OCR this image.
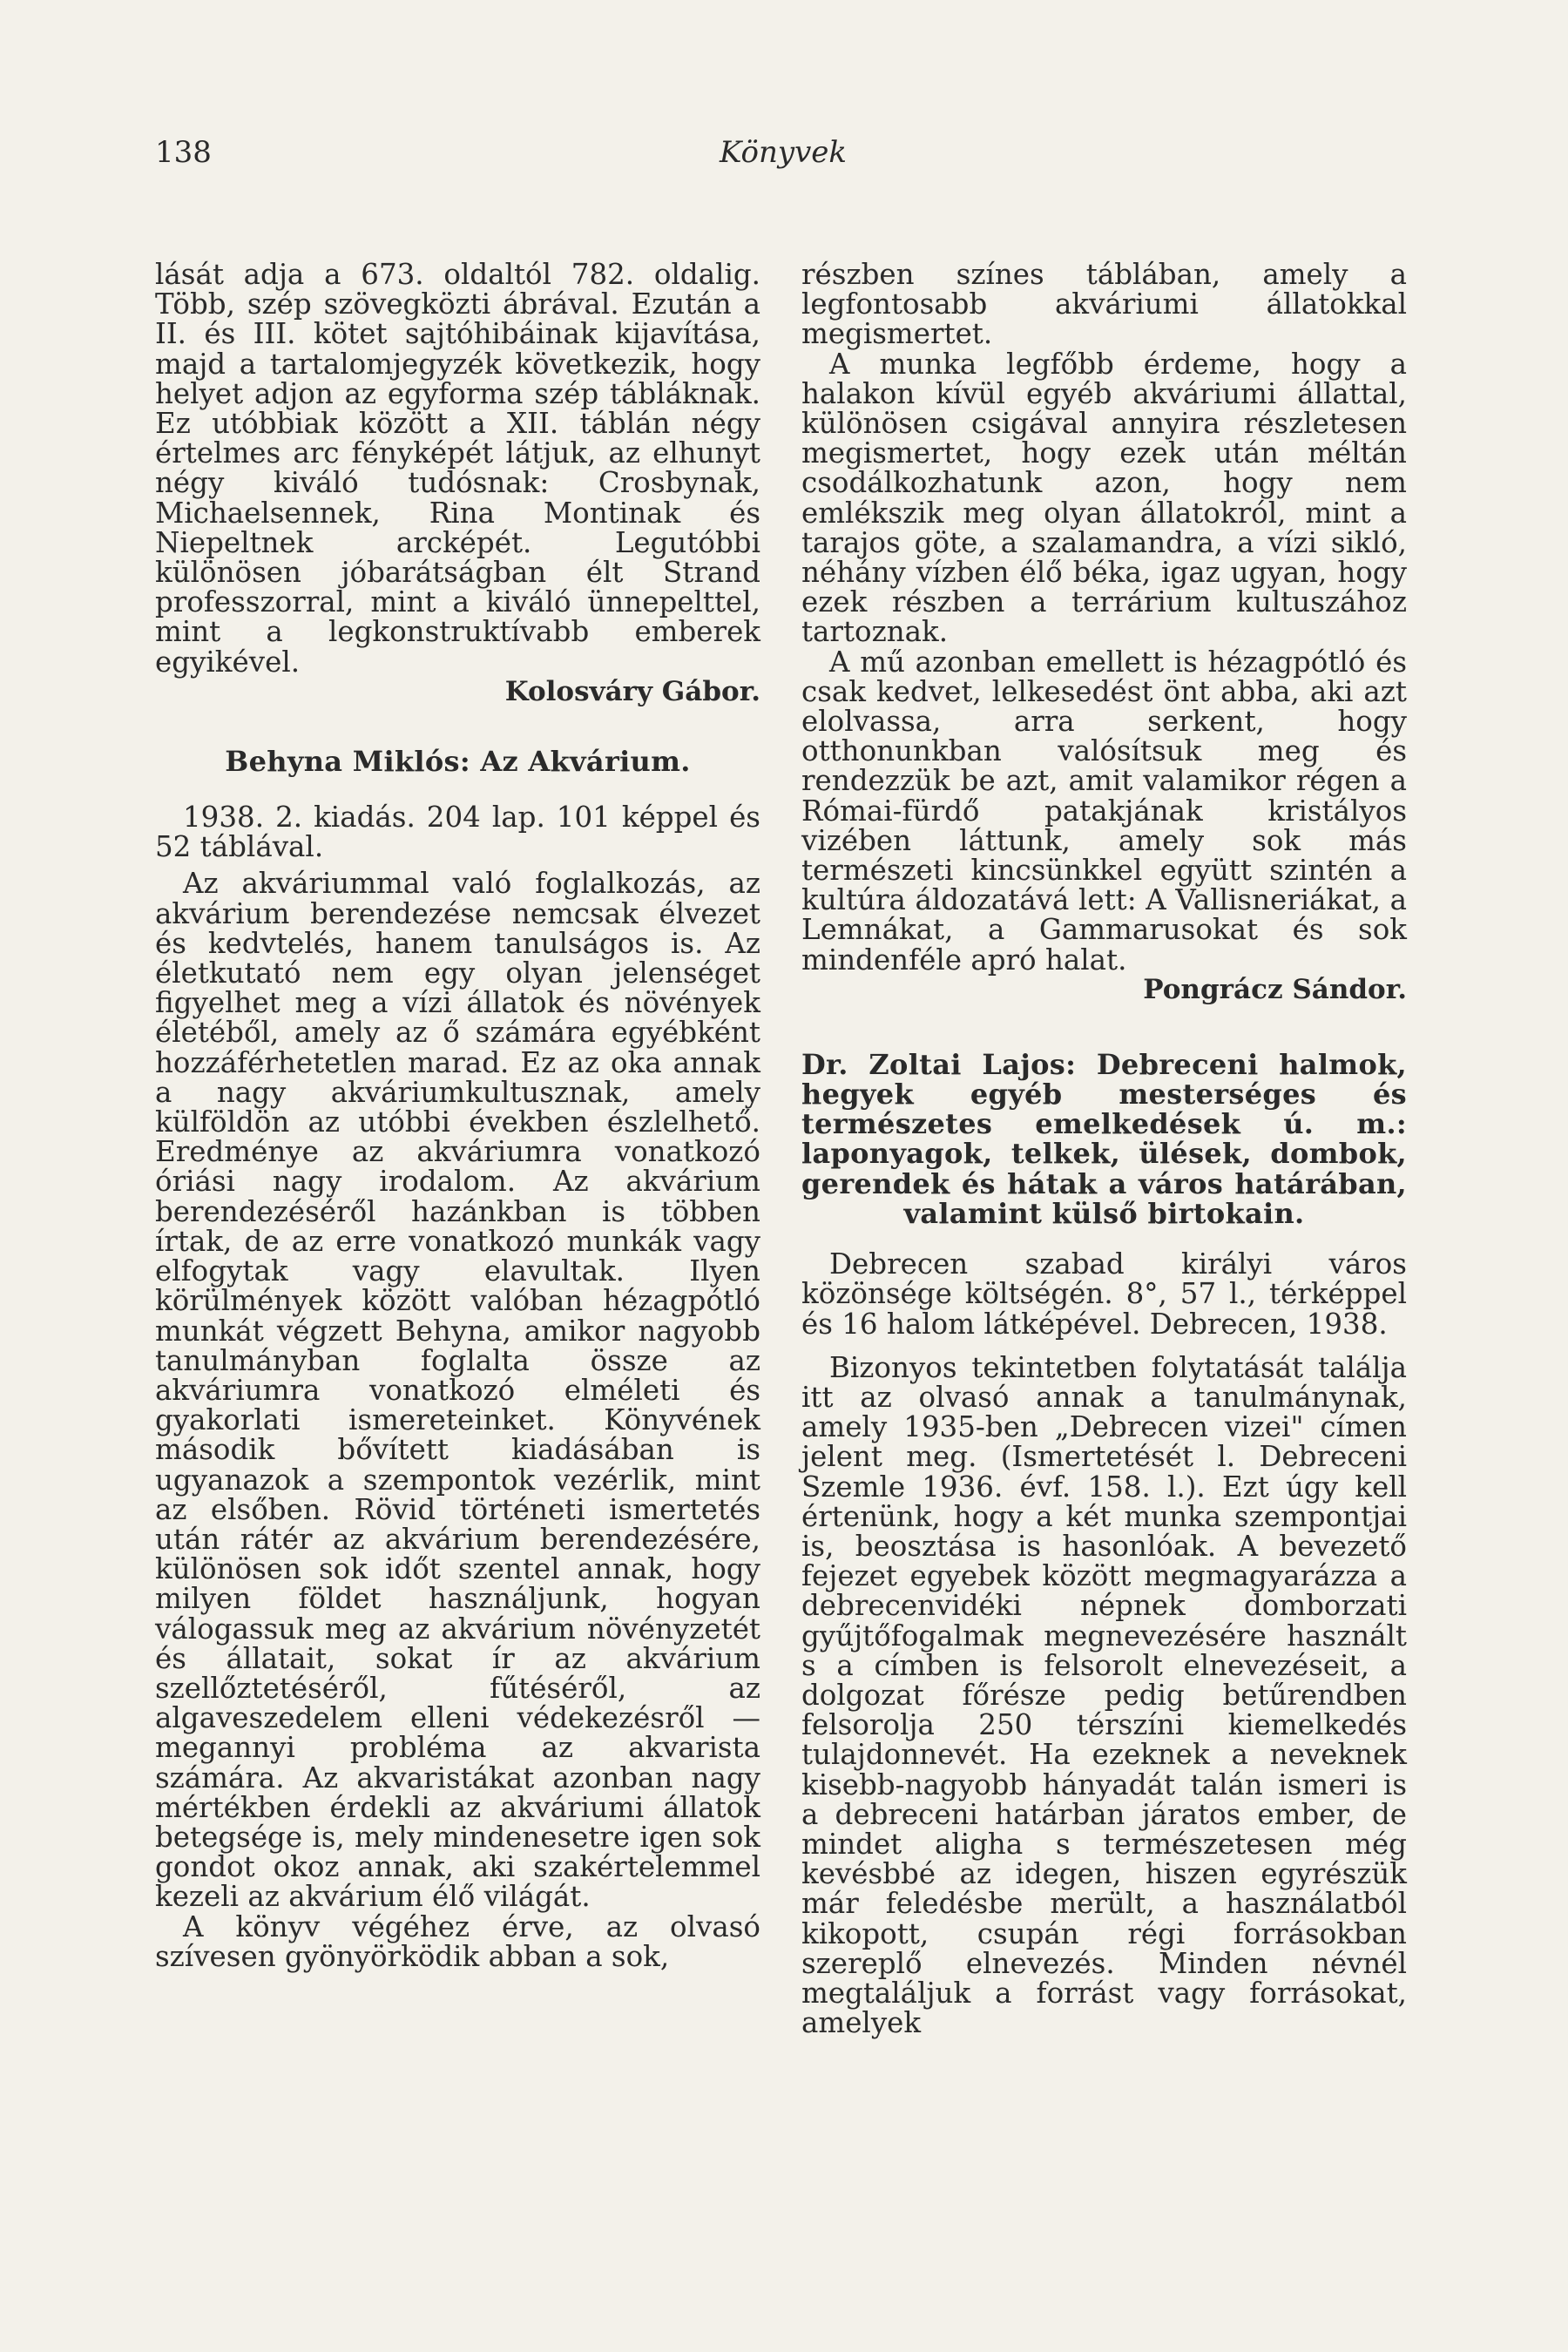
138	Könyvek

lását adja a 673. oldaltól 782. oldalig. Több, szép szövegközti ábrával. Ezután a II. és III. kötet sajtóhibáinak kijavítása, majd a tartalomjegyzék következik, hogy helyet adjon az egyforma szép tábláknak. Ez utóbbiak között a XII. táblán négy értelmes arc fényképét látjuk, az elhunyt négy kiváló tudósnak: Crosbynak, Michaelsennek, Rina Montinak és Niepeltnek arcképét. Legutóbbi különösen jóbarátságban élt Strand professzorral, mint a kiváló ünnepelttel, mint a legkonstruktívabb emberek egyikével.

Kolosváry Gábor.

Behyna Miklós: Az Akvárium.

1938. 2. kiadás. 204 lap. 101 képpel és 52 táblával.

Az akváriummal való foglalkozás, az akvárium berendezése nemcsak élvezet és kedvtelés, hanem tanulságos is. Az életkutató nem egy olyan jelenséget figyelhet meg a vízi állatok és növények életéből, amely az ő számára egyébként hozzáférhetetlen marad. Ez az oka annak a nagy akváriumkultusznak, amely külföldön az utóbbi években észlelhető. Eredménye az akváriumra vonatkozó óriási nagy irodalom. Az akvárium berendezéséről hazánkban is többen írtak, de az erre vonatkozó munkák vagy elfogytak vagy elavultak. Ilyen körülmények között valóban hézagpótló munkát végzett Behyna, amikor nagyobb tanulmányban foglalta össze az akváriumra vonatkozó elméleti és gyakorlati ismereteinket. Könyvének második bővített kiadásában is ugyanazok a szempontok vezérlik, mint az elsőben. Rövid történeti ismertetés után rátér az akvárium berendezésére, különösen sok időt szentel annak, hogy milyen földet használjunk, hogyan válogassuk meg az akvárium növényzetét és állatait, sokat ír az akvárium szellőztetéséről, fűtéséről, az algaveszedelem elleni védekezésről — megannyi probléma az akvarista számára. Az akvaristákat azonban nagy mértékben érdekli az akváriumi állatok betegsége is, mely mindenesetre igen sok gondot okoz annak, aki szakértelemmel kezeli az akvárium élő világát.

A könyv végéhez érve, az olvasó szívesen gyönyörködik abban a sok,

részben színes táblában, amely a legfontosabb akváriumi állatokkal megismertet.

A munka legfőbb érdeme, hogy a halakon kívül egyéb akváriumi állattal, különösen csigával annyira részletesen megismertet, hogy ezek után méltán csodálkozhatunk azon, hogy nem emlékszik meg olyan állatokról, mint a tarajos göte, a szalamandra, a vízi sikló, néhány vízben élő béka, igaz ugyan, hogy ezek részben a terrárium kultuszához tartoznak.

A mű azonban emellett is hézagpótló és csak kedvet, lelkesedést önt abba, aki azt elolvassa, arra serkent, hogy otthonunkban valósítsuk meg és rendezzük be azt, amit valamikor régen a Római-fürdő patakjának kristályos vizében láttunk, amely sok más természeti kincsünkkel együtt szintén a kultúra áldozatává lett: A Vallisneriákat, a Lemnákat, a Gammarusokat és sok mindenféle apró halat.

Pongrácz Sándor.

Dr. Zoltai Lajos: Debreceni halmok, hegyek egyéb mesterséges és természetes emelkedések ú. m.: laponyagok, telkek, ülések, dombok, gerendek és hátak a város határában, valamint külső birtokain.

Debrecen szabad királyi város közönsége költségén. 8°, 57 l., térképpel és 16 halom látképével. Debrecen, 1938.

Bizonyos tekintetben folytatását találja itt az olvasó annak a tanulmánynak, amely 1935-ben „Debrecen vizei" címen jelent meg. (Ismertetését l. Debreceni Szemle 1936. évf. 158. l.). Ezt úgy kell értenünk, hogy a két munka szempontjai is, beosztása is hasonlóak. A bevezető fejezet egyebek között megmagyarázza a debrecenvidéki népnek domborzati gyűjtőfogalmak megnevezésére használt s a címben is felsorolt elnevezéseit, a dolgozat főrésze pedig betűrendben felsorolja 250 térszíni kiemelkedés tulajdonnevét. Ha ezeknek a neveknek kisebb-nagyobb hányadát talán ismeri is a debreceni határban járatos ember, de mindet aligha s természetesen még kevésbbé az idegen, hiszen egyrészük már feledésbe merült, a használatból kikopott, csupán régi forrásokban szereplő elnevezés. Minden névnél megtaláljuk a forrást vagy forrásokat, amelyek
